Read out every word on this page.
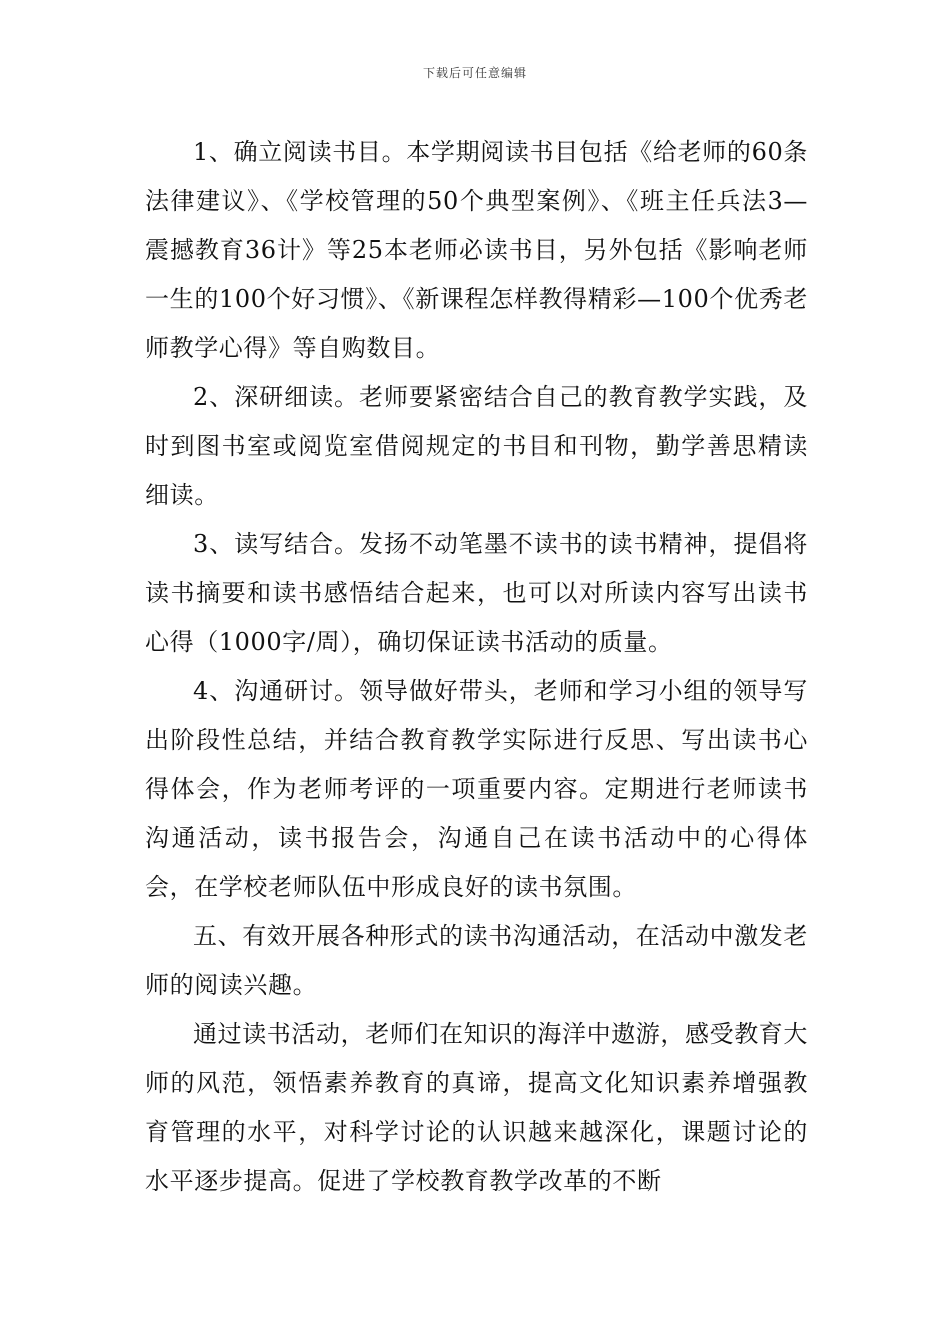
下载后可任意编辑

1、确立阅读书目。本学期阅读书目包括《给老师的60条法律建议》、《学校管理的50个典型案例》、《班主任兵法3—震撼教育36计》等25本老师必读书目，另外包括《影响老师一生的100个好习惯》、《新课程怎样教得精彩—100个优秀老师教学心得》等自购数目。

2、深研细读。老师要紧密结合自己的教育教学实践，及时到图书室或阅览室借阅规定的书目和刊物，勤学善思精读细读。

3、读写结合。发扬不动笔墨不读书的读书精神，提倡将读书摘要和读书感悟结合起来，也可以对所读内容写出读书心得（1000字/周），确切保证读书活动的质量。

4、沟通研讨。领导做好带头，老师和学习小组的领导写出阶段性总结，并结合教育教学实际进行反思、写出读书心得体会，作为老师考评的一项重要内容。定期进行老师读书沟通活动，读书报告会，沟通自己在读书活动中的心得体会，在学校老师队伍中形成良好的读书氛围。

五、有效开展各种形式的读书沟通活动，在活动中激发老师的阅读兴趣。

通过读书活动，老师们在知识的海洋中遨游，感受教育大师的风范，领悟素养教育的真谛，提高文化知识素养增强教育管理的水平，对科学讨论的认识越来越深化，课题讨论的水平逐步提高。促进了学校教育教学改革的不断
